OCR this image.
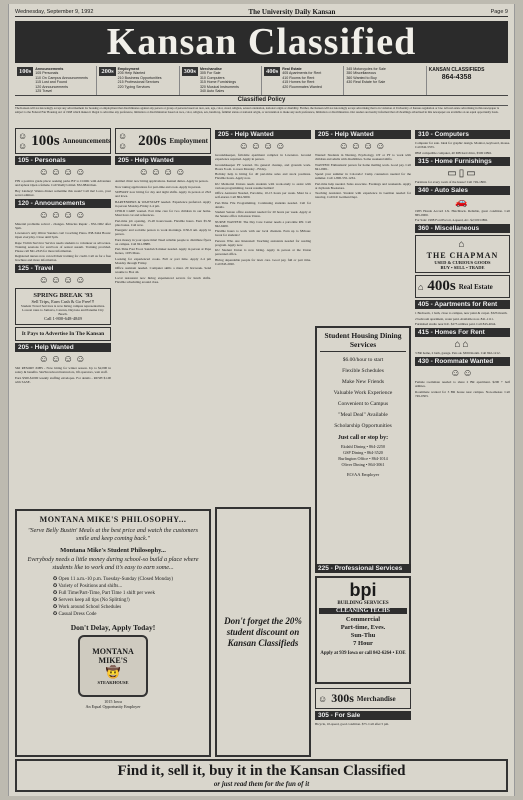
Wednesday, September 9, 1992	The University Daily Kansan	Page 9
Kansan Classified
100s	Announcements
105 Personals
110 On Campus Announcements
115 Lost and Found
120 Announcements
125 Travel
200s	Employment
205 Help Wanted
210 Business Opportunities
215 Professional Services
220 Typing Services
300s	Merchandise
305 For Sale
310 Computers
315 Home Furnishings
320 Musical Instruments
340 Auto Sales
400s	Real Estate
405 Apartments for Rent
410 Rooms for Rent
415 Homes for Rent
420 Roommates Wanted
345 Motorcycles for Sale
350 Miscellaneous
360 Wanted to Buy
430 Real Estate for Sale
KANSAN CLASSIFIEDS
864-4358
Classified Policy
The Kansan will not knowingly accept any advertisement for housing or employment that discriminates against any person or group of persons based on race, sex, age, color, creed, religion, sexual orientation, national origin or disability. Further, the Kansan will not knowingly accept advertising that is in violation of University of Kansas regulation or law. All real estate advertising in this newspaper is subject to the Federal Fair Housing Act of 1968 which makes it illegal to advertise any preference, limitation or discrimination based on race, color, religion, sex, handicap, familial status or national origin, or an intention to make any such preference, limitation or discrimination. Our readers are hereby informed that all dwellings advertised in this newspaper are available on an equal opportunity basis.
☺☺ 100s Announcements
105 - Personals
☺☺☺☺

PIN a positive grade place: seeking parks BY to COOK with Adventure and upbeat Open a female. Call Shelly's mind. 832-8844 then.

Hey Lindsey! Wanna dinner sometime this week? Call me! Love, your secret admirer.

120 - Announcements
☺☺☺☺

Material problems solved - changes. Miracles Repair - 832-1962 after 5pm.

Lawrence's only Oliver Sanders can! Coaching Piano. 838-3444 Hours: Open everyday. Close until 5pm.

Rape Victim Survivor Service needs students to volunteer as advocates. Training sessions for survivors of sexual assault. Training provided. Please call 841-2345 for more information.

Registered nurses now can tell their training for credit. Call us for a free brochure and more information.

125 - Travel
☺☺☺☺
SPRING BREAK '93
Sell Trips, Earn Cash & Go Free!!!
Student Travel Services is now hiring campus representatives. Lowest rates to Jamaica, Cancun, Daytona and Panama City Beach.
Call 1-800-648-4849
It Pays to Advertise In The Kansan
205 - Help Wanted
☺☺☺☺

SKI RESORT JOBS - Now hiring for winter season. Up to $2,000 in salary & benefits. Ski/Snowboard instructors, lift operators, wait staff.

Earn $500-$1000 weekly stuffing envelopes. For details - RUSH $1.00 with SASE.

☺☺ 200s Employment
205 - Help Wanted
☺☺☺☺

Animal clinic now hiring applications. Kennel duties. Apply in person.

Now taking applications for part-time and cook. Apply in person.

SUBWAY now hiring for day and night shifts. Apply in person at 23rd and Iowa.

BARTENDERS & WAITSTAFF needed. Experience preferred. Apply in person Monday-Friday 2-4 pm.

CHILD CARE wanted. Part time care for two children in our home. Must have car and references.

Part-time job opening, 15-20 hours/week. Flexible hours. Earn $5.50 plus bonus. Call now.

Energetic and sociable person to work mornings. 6:30-9 am. Apply in person.

Earn money in your spare time! Need reliable people to distribute flyers on campus. Call 841-8888.

Part-Time Fast Food. Sandwich maker needed. Apply in person at Papa Kenos, 1035 Mass.

Looking for experienced cooks. Full or part time. Apply 2-4 pm Monday through Friday.

Office assistant needed. Computer skills a must. 20 hrs/week. Send resume to Box 44.

Local restaurant now hiring experienced servers for lunch shifts. Flexible scheduling around class.

205 - Help Wanted
☺☺☺☺

Groundskeeper, full-time apartment complex in Lawrence. Ground experience required. Apply in person.

Groundskeeper PT wanted. Do general cleanup, and grounds work. Hours 8 a.m. to noon Monday - Friday.

Holiday help is hiring for 40 part-time sales and stock positions. Flexible hours. Apply now.

KU Memorial Unions needs students with work-study to assist with various programming. Great resume builder!

Office Assistant Needed, Part-time, 10-15 hours per week. Must be a self-starter. Call 864-3000.

Part-Time File Programming. Continuing students needed. Call for details.

Student Senate office assistant needed for 20 hours per week. Apply at the Senate office in Kansas Union.

NURSE WANTED: The Day Care Center needs a part-time RN. Call 842-6400.

Flexible hours to work with our local clientele. Earn up to $8/hour. Great for students!

Persons Who Are Interested: Teaching assistants needed for reading program. Apply now.

KU Student Union is now hiring. Apply in person at the Union personnel office.

Hiring dependable people for lawn care. Good pay, full or part time. Call 843-2020.

205 - Help Wanted
☺☺☺☺

Wanted: Students in Nursing, Psychology, OT or PT to work with children and adults with disabilities. Some weekend shifts.

WANTED: Enthusiastic person for home mailing work. Good pay. Call 841-0001.

Spend your summer in Colorado! Camp counselors needed for the summer. Call 1-800-555-1234.

Part-time help needed. Sales associate. Evenings and weekends. Apply at Jayhawk Bookstore.

Teaching Assistant. Student with experience in German needed for tutoring. Call KU German Dept.

Student Housing Dining Services
$6.00/hour to start
Flexible Schedules
Make New Friends
Valuable Work Experience
Convenient to Campus
"Meal Deal" Available
Scholarship Opportunities
Just call or stop by:
Ekdahl Dining • 864-2250
GSP Dining • 864-3520
Burlington Office • 864-1014
Oliver Dining • 864-3061
EO/AA Employer
bpi
BUILDING SERVICES
CLEANING TECHS
Commercial
Part-time, Eves.
Sun-Thu
7 Hour
Apply at 939 Iowa or call 842-6264 • EOE
☺ 300s Merchandise
305 - For Sale

Bicycle, 10-speed, good condition. $75. Call after 5 pm.

225 - Professional Services
310 - Computers

Computer for sale. Ideal for graphic design. Monitor, keyboard, mouse. Call 842-5555.

IBM compatible computer, 40 MB hard drive, $500 OBO.

315 - Home Furnishings
▭▯▭

Furniture for every room of the house! Call 749-1800.

340 - Auto Sales
🚗

1985 Honda Accord LX. Hatchback. Reliable, great condition. Call 865-0000.

For Sale: 1988 Ford Escort, 4-speed, AC. $2,500 OBO.

360 - Miscellaneous
⌂
THE CHAPMAN
USED & CURIOUS GOODS
BUY • SELL • TRADE
⌂ 400s Real Estate
405 - Apartments for Rent

1 Bedroom, 1 bath, close to campus, new paint & carpet. $325/month.

2 bedroom apartment, water paid. Available now. 841-1111.

Furnished studio near KU. $275 utilities paid. Call 843-4044.

415 - Homes For Rent
⌂⌂

3 BR home, 2 bath, garage. Pets ok. $650/month. Call 842-1212.

430 - Roommate Wanted
☺☺

Female roommate needed to share 2 BR apartment. $200 + half utilities.

Roommate wanted for 3 BR house near campus. Non-smoker. Call 749-0303.

MONTANA MIKE'S PHILOSOPHY...
"Serve Belly Bustin' Meals at the best price and watch the customers smile and keep coming back."
Montana Mike's Student Philosophy...
Everybody needs a little money during school-so build a place where students like to work and it's easy to earn some...
✪ Open 11 a.m.-10 p.m. Tuesday-Sunday (Closed Monday)
✪ Variety of Positions and shifts...
✪ Full Time/Part-Time, Part Time 1 shift per week
✪ Servers keep all tips (No Splitting!)
✪ Work around School Schedules
✪ Casual Dress Code
Don't Delay, Apply Today!
MONTANA MIKE'S
🤠
STEAKHOUSE
1015 Iowa
An Equal Opportunity Employer
Don't forget the 20% student discount on Kansan Classifieds
Find it, sell it, buy it in the Kansan Classified
or just read them for the fun of it
